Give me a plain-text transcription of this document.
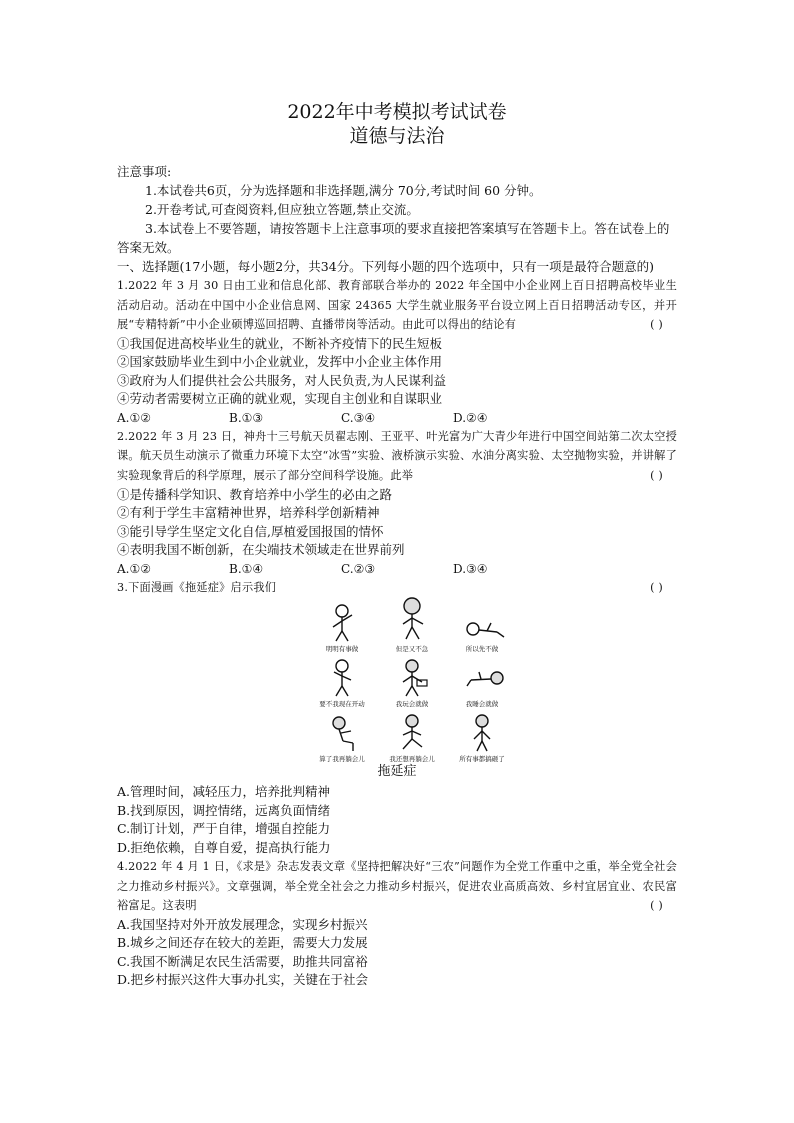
2022年中考模拟考试试卷

道德与法治

注意事项:

1.本试卷共6页，分为选择题和非选择题,满分 70分,考试时间 60 分钟。

2.开卷考试,可查阅资料,但应独立答题,禁止交流。

3.本试卷上不要答题，请按答题卡上注意事项的要求直接把答案填写在答题卡上。答在试卷上的答案无效。

一、选择题(17小题，每小题2分，共34分。下列每小题的四个选项中，只有一项是最符合题意的)

1.2022 年 3 月 30 日由工业和信息化部、教育部联合举办的 2022 年全国中小企业网上百日招聘高校毕业生活动启动。活动在中国中小企业信息网、国家 24365 大学生就业服务平台设立网上百日招聘活动专区，并开展“专精特新”中小企业硕博巡回招聘、直播带岗等活动。由此可以得出的结论有	( )

①我国促进高校毕业生的就业，不断补齐疫情下的民生短板

②国家鼓励毕业生到中小企业就业，发挥中小企业主体作用

③政府为人们提供社会公共服务，对人民负责,为人民谋利益

④劳动者需要树立正确的就业观，实现自主创业和自谋职业

A.①②	B.①③	C.③④	D.②④

2.2022 年 3 月 23 日，神舟十三号航天员翟志刚、王亚平、叶光富为广大青少年进行中国空间站第二次太空授课。航天员生动演示了微重力环境下太空“冰雪”实验、液桥演示实验、水油分离实验、太空抛物实验，并讲解了实验现象背后的科学原理，展示了部分空间科学设施。此举	( )

①是传播科学知识、教育培养中小学生的必由之路

②有利于学生丰富精神世界，培养科学创新精神

③能引导学生坚定文化自信,厚植爱国报国的情怀

④表明我国不断创新，在尖端技术领域走在世界前列

A.①②	B.①④	C.②③	D.③④

3.下面漫画《拖延症》启示我们	( )

明明有事做	但是又不急	所以先不做
要不我现在开动	我玩会就做	我睡会就做
算了我再躺会儿	我还想再躺会儿	所有事都搞砸了

拖延症

A.管理时间，减轻压力，培养批判精神

B.找到原因，调控情绪，远离负面情绪

C.制订计划，严于自律，增强自控能力

D.拒绝依赖，自尊自爱，提高执行能力

4.2022 年 4 月 1 日，《求是》杂志发表文章《坚持把解决好“三农”问题作为全党工作重中之重，举全党全社会之力推动乡村振兴》。文章强调，举全党全社会之力推动乡村振兴，促进农业高质高效、乡村宜居宜业、农民富裕富足。这表明	( )

A.我国坚持对外开放发展理念，实现乡村振兴

B.城乡之间还存在较大的差距，需要大力发展

C.我国不断满足农民生活需要，助推共同富裕

D.把乡村振兴这件大事办扎实，关键在于社会
